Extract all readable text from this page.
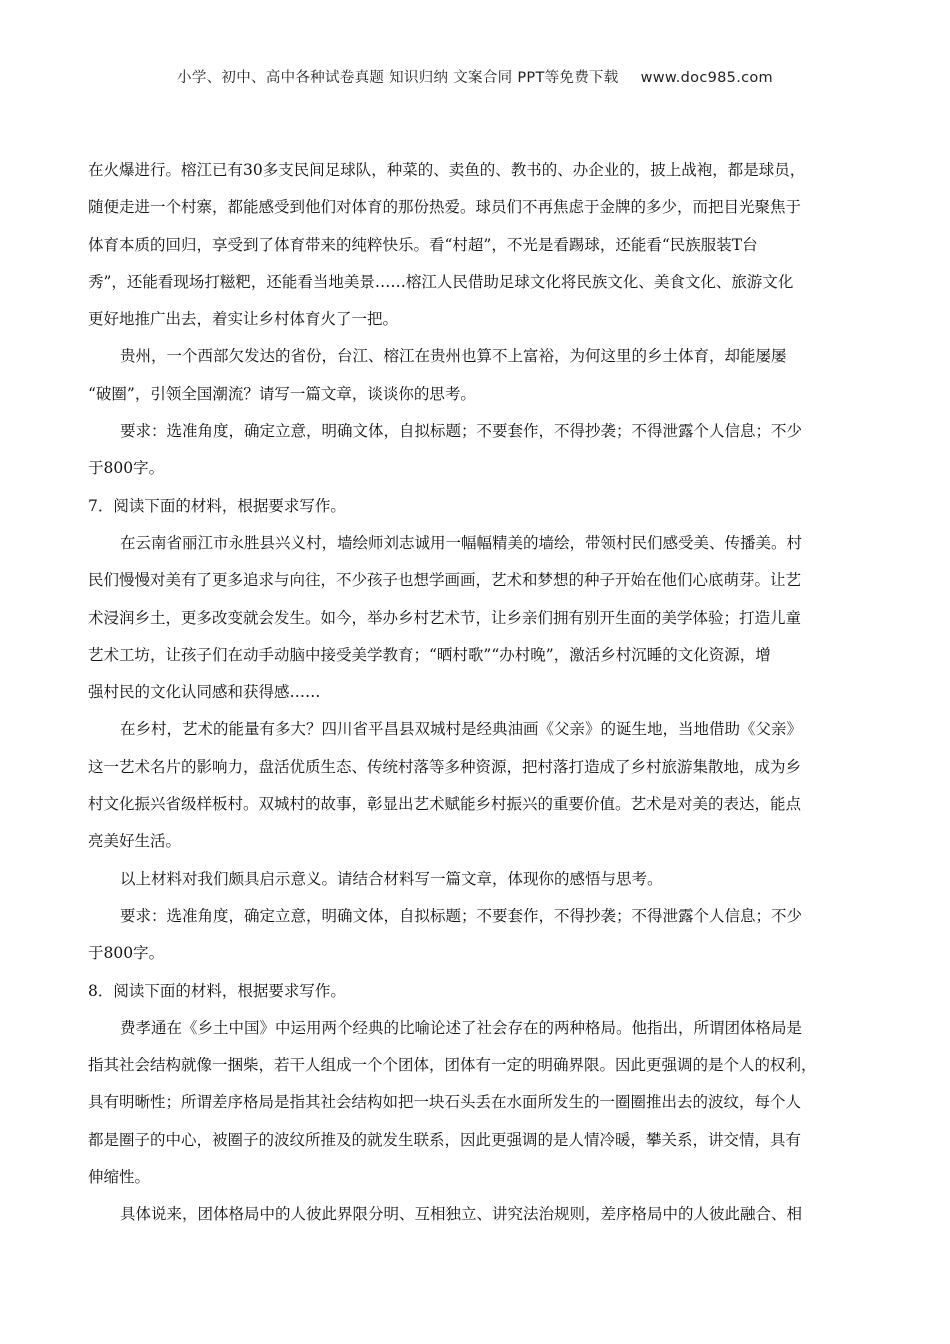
小学、初中、高中各种试卷真题 知识归纳 文案合同 PPT等免费下载 www.doc985.com
在火爆进行。榕江已有30多支民间足球队，种菜的、卖鱼的、教书的、办企业的，披上战袍，都是球员，
随便走进一个村寨，都能感受到他们对体育的那份热爱。球员们不再焦虑于金牌的多少，而把目光聚焦于
体育本质的回归，享受到了体育带来的纯粹快乐。看“村超”，不光是看踢球，还能看“民族服装T台
秀”，还能看现场打糍粑，还能看当地美景……榕江人民借助足球文化将民族文化、美食文化、旅游文化
更好地推广出去，着实让乡村体育火了一把。
贵州，一个西部欠发达的省份，台江、榕江在贵州也算不上富裕，为何这里的乡土体育，却能屡屡
“破圈”，引领全国潮流？请写一篇文章，谈谈你的思考。
要求：选准角度，确定立意，明确文体，自拟标题；不要套作，不得抄袭；不得泄露个人信息；不少
于800字。
7．阅读下面的材料，根据要求写作。
在云南省丽江市永胜县兴义村，墙绘师刘志诚用一幅幅精美的墙绘，带领村民们感受美、传播美。村
民们慢慢对美有了更多追求与向往，不少孩子也想学画画，艺术和梦想的种子开始在他们心底萌芽。让艺
术浸润乡土，更多改变就会发生。如今，举办乡村艺术节，让乡亲们拥有别开生面的美学体验；打造儿童
艺术工坊，让孩子们在动手动脑中接受美学教育；“晒村歌”“办村晚”，激活乡村沉睡的文化资源，增
强村民的文化认同感和获得感……
在乡村，艺术的能量有多大？四川省平昌县双城村是经典油画《父亲》的诞生地，当地借助《父亲》
这一艺术名片的影响力，盘活优质生态、传统村落等多种资源，把村落打造成了乡村旅游集散地，成为乡
村文化振兴省级样板村。双城村的故事，彰显出艺术赋能乡村振兴的重要价值。艺术是对美的表达，能点
亮美好生活。
以上材料对我们颇具启示意义。请结合材料写一篇文章，体现你的感悟与思考。
要求：选准角度，确定立意，明确文体，自拟标题；不要套作，不得抄袭；不得泄露个人信息；不少
于800字。
8．阅读下面的材料，根据要求写作。
费孝通在《乡土中国》中运用两个经典的比喻论述了社会存在的两种格局。他指出，所谓团体格局是
指其社会结构就像一捆柴，若干人组成一个个团体，团体有一定的明确界限。因此更强调的是个人的权利，
具有明晰性；所谓差序格局是指其社会结构如把一块石头丢在水面所发生的一圈圈推出去的波纹，每个人
都是圈子的中心，被圈子的波纹所推及的就发生联系，因此更强调的是人情冷暖，攀关系，讲交情，具有
伸缩性。
具体说来，团体格局中的人彼此界限分明、互相独立、讲究法治规则，差序格局中的人彼此融合、相
